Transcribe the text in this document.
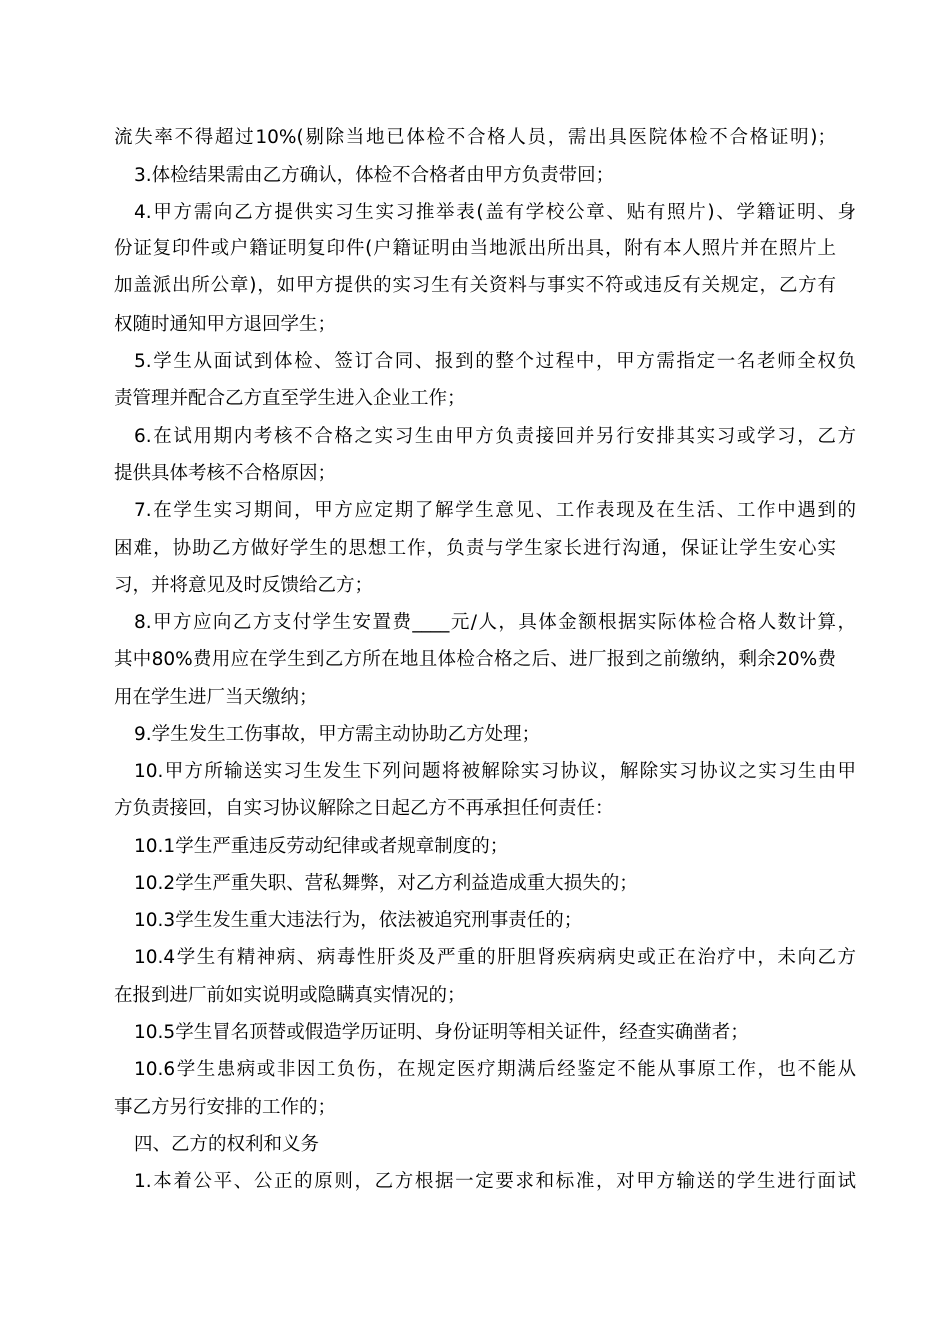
流失率不得超过10%(剔除当地已体检不合格人员，需出具医院体检不合格证明)；
3.体检结果需由乙方确认，体检不合格者由甲方负责带回；
4.甲方需向乙方提供实习生实习推举表(盖有学校公章、贴有照片)、学籍证明、身
份证复印件或户籍证明复印件(户籍证明由当地派出所出具，附有本人照片并在照片上
加盖派出所公章)，如甲方提供的实习生有关资料与事实不符或违反有关规定，乙方有
权随时通知甲方退回学生；
5.学生从面试到体检、签订合同、报到的整个过程中，甲方需指定一名老师全权负
责管理并配合乙方直至学生进入企业工作；
6.在试用期内考核不合格之实习生由甲方负责接回并另行安排其实习或学习，乙方
提供具体考核不合格原因；
7.在学生实习期间，甲方应定期了解学生意见、工作表现及在生活、工作中遇到的
困难，协助乙方做好学生的思想工作，负责与学生家长进行沟通，保证让学生安心实
习，并将意见及时反馈给乙方；
8.甲方应向乙方支付学生安置费____元/人，具体金额根据实际体检合格人数计算，
其中80%费用应在学生到乙方所在地且体检合格之后、进厂报到之前缴纳，剩余20%费
用在学生进厂当天缴纳；
9.学生发生工伤事故，甲方需主动协助乙方处理；
10.甲方所输送实习生发生下列问题将被解除实习协议，解除实习协议之实习生由甲
方负责接回，自实习协议解除之日起乙方不再承担任何责任：
10.1学生严重违反劳动纪律或者规章制度的；
10.2学生严重失职、营私舞弊，对乙方利益造成重大损失的；
10.3学生发生重大违法行为，依法被追究刑事责任的；
10.4学生有精神病、病毒性肝炎及严重的肝胆肾疾病病史或正在治疗中，未向乙方
在报到进厂前如实说明或隐瞒真实情况的；
10.5学生冒名顶替或假造学历证明、身份证明等相关证件，经查实确凿者；
10.6学生患病或非因工负伤，在规定医疗期满后经鉴定不能从事原工作，也不能从
事乙方另行安排的工作的；
四、乙方的权利和义务
1.本着公平、公正的原则，乙方根据一定要求和标准，对甲方输送的学生进行面试
